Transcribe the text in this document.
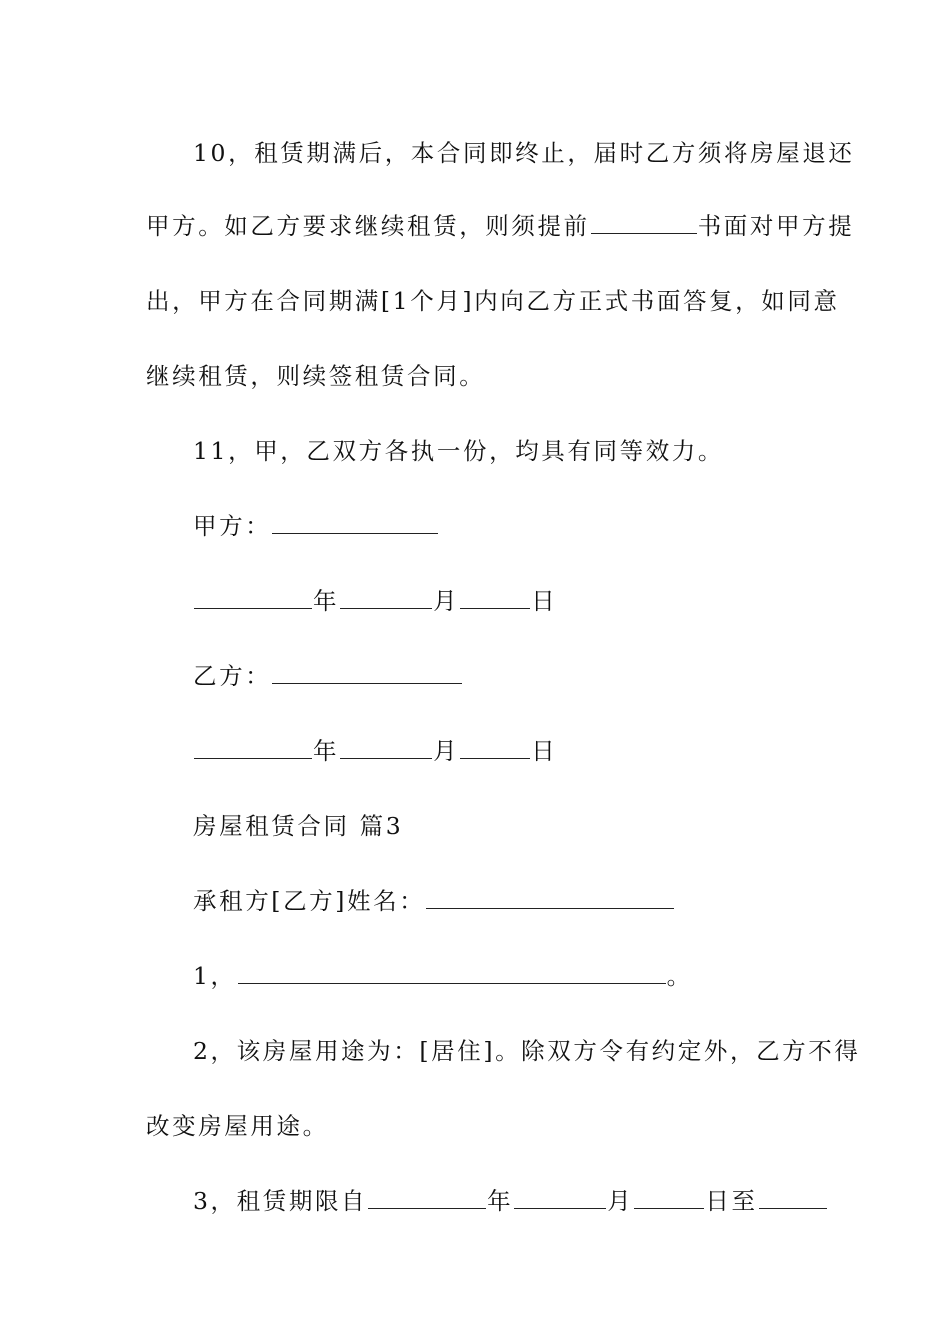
10，租赁期满后，本合同即终止，届时乙方须将房屋退还
甲方。如乙方要求继续租赁，则须提前	书面对甲方提
出，甲方在合同期满[1个月]内向乙方正式书面答复，如同意
继续租赁，则续签租赁合同。
11，甲，乙双方各执一份，均具有同等效力。
甲方：
年	月	日
乙方：
年	月	日
房屋租赁合同 篇3
承租方[乙方]姓名：
1，	。
2，该房屋用途为：[居住]。除双方令有约定外，乙方不得
改变房屋用途。
3，租赁期限自	年	月	日至
